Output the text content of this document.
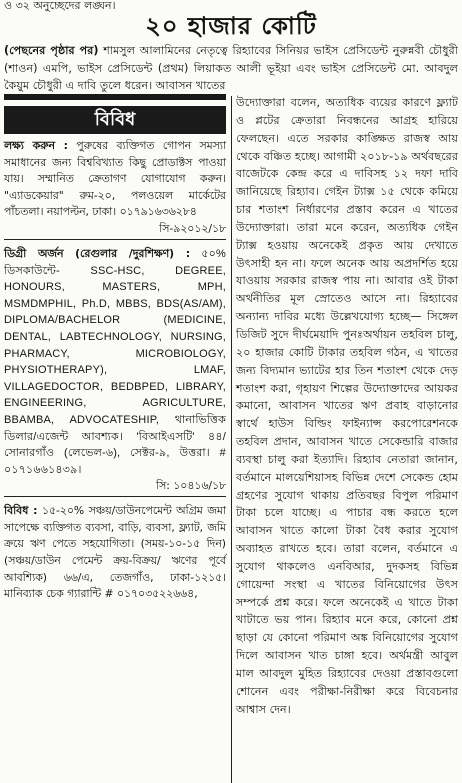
ও ৩২ অনুচ্ছেদের লঙ্ঘন।
২০ হাজার কোটি
(পেছনের পৃষ্ঠার পর) শামসুল আলামিনের নেতৃত্বে রিহ্যাবের সিনিয়র ভাইস প্রেসিডেন্ট নুরুন্নবী চৌধুরী (শাওন) এমপি, ভাইস প্রেসিডেন্ট (প্রথম) লিয়াকত আলী ভূইয়া এবং ভাইস প্রেসিডেন্ট মো. আবদুল কৈয়ুম চৌধুরী এ দাবি তুলে ধরেন। আবাসন খাতের
বিবিধ
লক্ষ্য করুন : পুরুষের ব্যক্তিগত গোপন সমস্যা সমাধানের জন্য বিশ্ববিখ্যাত কিছু প্রোডাক্টস পাওয়া যায়। সম্মানিত ক্রেতাগণ যোগাযোগ করুন। "এ্যাডকেয়ার" রুম-২০, পলওয়েল মার্কেটের পাঁচতলা। নয়াপল্টন, ঢাকা। ০১৭৯১৬৩৬২৮৪
সি-৯২০১২/১৮
ডিগ্রী অর্জন (রেগুলার /দুরশিক্ষণ) : ৫০% ডিসকাউন্টে- SSC-HSC, DEGREE, HONOURS, MASTERS, MPH, MSMDMPHIL, Ph.D, MBBS, BDS(AS/AM), DIPLOMA/BACHELOR (MEDICINE, DENTAL, LABTECHNOLOGY, NURSING, PHARMACY, MICROBIOLOGY, PHYSIOTHERAPY), LMAF, VILLAGEDOCTOR, BEDBPED, LIBRARY, ENGINEERING, AGRICULTURE, BBAMBA, ADVOCATESHIP, থানাভিত্তিক ডিলার/এজেন্ট আবশ্যক। 'বিআইএসটি' ৪৪/সোনারগাঁও (লেভেল-৬), সেক্টর-৯, উত্তরা। # ০১৭১৬৬১৪৩৯।
সি: ১০৪১৬/১৮
বিবিধ : ১৫-২০% সঞ্চয়/ডাউনপেমেন্ট অগ্রিম জমা সাপেক্ষে ব্যক্তিগত ব্যবসা, বাড়ি, ব্যবসা, ফ্ল্যাট, জমি ক্রয়ে ঋণ পেতে সহযোগিতা। (সময়-১০-১৫ দিন) (সঞ্চয়/ডাউন পেমেন্ট ক্রয়-বিক্রয়/ ঋণের পূর্বে আবশ্যিক) ৬৬/এ, তেজগাঁও, ঢাকা-১২১৫। মানিব্যাক চেক গ্যারান্টি # ০১৭০৩৫২২৬৬৪,

উদ্যোক্তারা বলেন, অত্যধিক ব্যয়ের কারণে ফ্ল্যাট ও প্লটের ক্রেতারা নিবন্ধনের আগ্রহ হারিয়ে ফেলছেন। এতে সরকার কাঙ্ক্ষিত রাজস্ব আয় থেকে বঞ্চিত হচ্ছে। আগামী ২০১৮-১৯ অর্থবছরের বাজেটকে কেন্দ্র করে এ দাবিসহ ১২ দফা দাবি জানিয়েছে রিহ্যাব। গেইন ট্যাক্স ১৫ থেকে কমিয়ে চার শতাংশ নির্ধারণের প্রস্তাব করেন এ খাতের উদ্যোক্তারা। তারা মনে করেন, অত্যধিক গেইন ট্যাক্স হওয়ায় অনেকেই প্রকৃত আয় দেখাতে উৎসাহী হন না। ফলে অনেক আয় অপ্রদর্শিত হয়ে যাওয়ায় সরকার রাজস্ব পায় না। আবার ওই টাকা অর্থনীতির মূল স্রোতেও আসে না। রিহ্যাবের অন্যান্য দাবির মধ্যে উল্লেখযোগ্য হচ্ছে— সিঙ্গেল ডিজিট সুদে দীর্ঘমেয়াদি পুনঃঅর্থায়ন তহবিল চালু, ২০ হাজার কোটি টাকার তহবিল গঠন, এ খাতের জন্য বিদ্যমান ভ্যাটের হার তিন শতাংশ থেকে দেড় শতাংশ করা, গৃহায়ণ শিল্পের উদ্যোক্তাদের আয়কর কমানো, আবাসন খাতের ঋণ প্রবাহ বাড়ানোর স্বার্থে হাউস বিল্ডিং ফাইন্যান্স করপোরেশনকে তহবিল প্রদান, আবাসন খাতে সেকেন্ডারি বাজার ব্যবস্থা চালু করা ইত্যাদি। রিহ্যাব নেতারা জানান, বর্তমানে মালয়েশিয়াসহ বিভিন্ন দেশে সেকেন্ড হোম গ্রহণের সুযোগ থাকায় প্রতিবছর বিপুল পরিমাণ টাকা চলে যাচ্ছে। এ পাচার বন্ধ করতে হলে আবাসন খাতে কালো টাকা বৈধ করার সুযোগ অব্যাহত রাখতে হবে। তারা বলেন, বর্তমানে এ সুযোগ থাকলেও এনবিআর, দুদকসহ বিভিন্ন গোয়েন্দা সংস্থা এ খাতের বিনিয়োগের উৎস সম্পর্কে প্রশ্ন করে। ফলে অনেকেই এ খাতে টাকা খাটাতে ভয় পান। রিহ্যাব মনে করে, কোনো প্রশ্ন ছাড়া যে কোনো পরিমাণ অঙ্ক বিনিয়োগের সুযোগ দিলে আবাসন খাত চাঙ্গা হবে। অর্থমন্ত্রী আবুল মাল আবদুল মুহিত রিহ্যাবের দেওয়া প্রস্তাবগুলো শোনেন এবং পরীক্ষা-নিরীক্ষা করে বিবেচনার আশ্বাস দেন।
